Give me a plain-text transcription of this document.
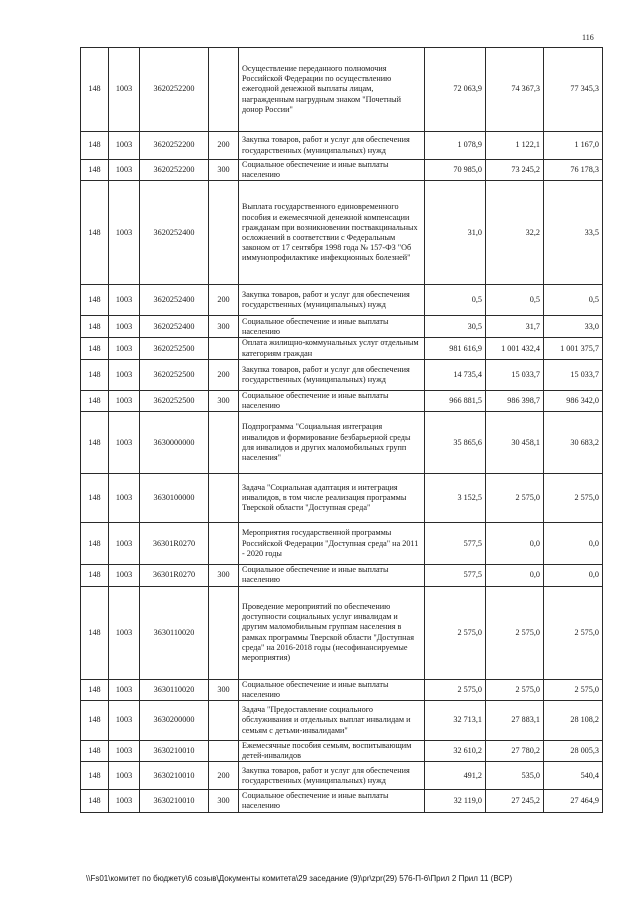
116
148	1003	3620252200		Осуществление переданного полномочия Российской Федерации по осуществлению ежегодной денежной выплаты лицам, награжденным нагрудным знаком "Почетный донор России"	72 063,9	74 367,3	77 345,3
148	1003	3620252200	200	Закупка товаров, работ и услуг для обеспечения государственных (муниципальных) нужд	1 078,9	1 122,1	1 167,0
148	1003	3620252200	300	Социальное обеспечение и иные выплаты населению	70 985,0	73 245,2	76 178,3
148	1003	3620252400		Выплата государственного единовременного пособия и ежемесячной денежной компенсации гражданам при возникновении поствакцинальных осложнений в соответствии с Федеральным законом от 17 сентября 1998 года № 157-ФЗ "Об иммунопрофилактике инфекционных болезней"	31,0	32,2	33,5
148	1003	3620252400	200	Закупка товаров, работ и услуг для обеспечения государственных (муниципальных) нужд	0,5	0,5	0,5
148	1003	3620252400	300	Социальное обеспечение и иные выплаты населению	30,5	31,7	33,0
148	1003	3620252500		Оплата жилищно-коммунальных услуг отдельным категориям граждан	981 616,9	1 001 432,4	1 001 375,7
148	1003	3620252500	200	Закупка товаров, работ и услуг для обеспечения государственных (муниципальных) нужд	14 735,4	15 033,7	15 033,7
148	1003	3620252500	300	Социальное обеспечение и иные выплаты населению	966 881,5	986 398,7	986 342,0
148	1003	3630000000		Подпрограмма "Социальная интеграция инвалидов и формирование безбарьерной среды для инвалидов и других маломобильных групп населения"	35 865,6	30 458,1	30 683,2
148	1003	3630100000		Задача "Социальная адаптация и интеграция инвалидов, в том числе реализация программы Тверской области "Доступная среда"	3 152,5	2 575,0	2 575,0
148	1003	36301R0270		Мероприятия государственной программы Российской Федерации "Доступная среда" на 2011 - 2020 годы	577,5	0,0	0,0
148	1003	36301R0270	300	Социальное обеспечение и иные выплаты населению	577,5	0,0	0,0
148	1003	3630110020		Проведение мероприятий по обеспечению доступности социальных услуг инвалидам и другим маломобильным группам населения в рамках программы Тверской области "Доступная среда" на 2016-2018 годы (несофинансируемые мероприятия)	2 575,0	2 575,0	2 575,0
148	1003	3630110020	300	Социальное обеспечение и иные выплаты населению	2 575,0	2 575,0	2 575,0
148	1003	3630200000		Задача "Предоставление социального обслуживания и отдельных выплат инвалидам и семьям с детьми-инвалидами"	32 713,1	27 883,1	28 108,2
148	1003	3630210010		Ежемесячные пособия семьям, воспитывающим детей-инвалидов	32 610,2	27 780,2	28 005,3
148	1003	3630210010	200	Закупка товаров, работ и услуг для обеспечения государственных (муниципальных) нужд	491,2	535,0	540,4
148	1003	3630210010	300	Социальное обеспечение и иные выплаты населению	32 119,0	27 245,2	27 464,9
\\Fs01\комитет по бюджету\6 созыв\Документы комитета\29 заседание (9)\pr\zpr(29) 576-П-6\Прил 2 Прил 11 (ВСР)
